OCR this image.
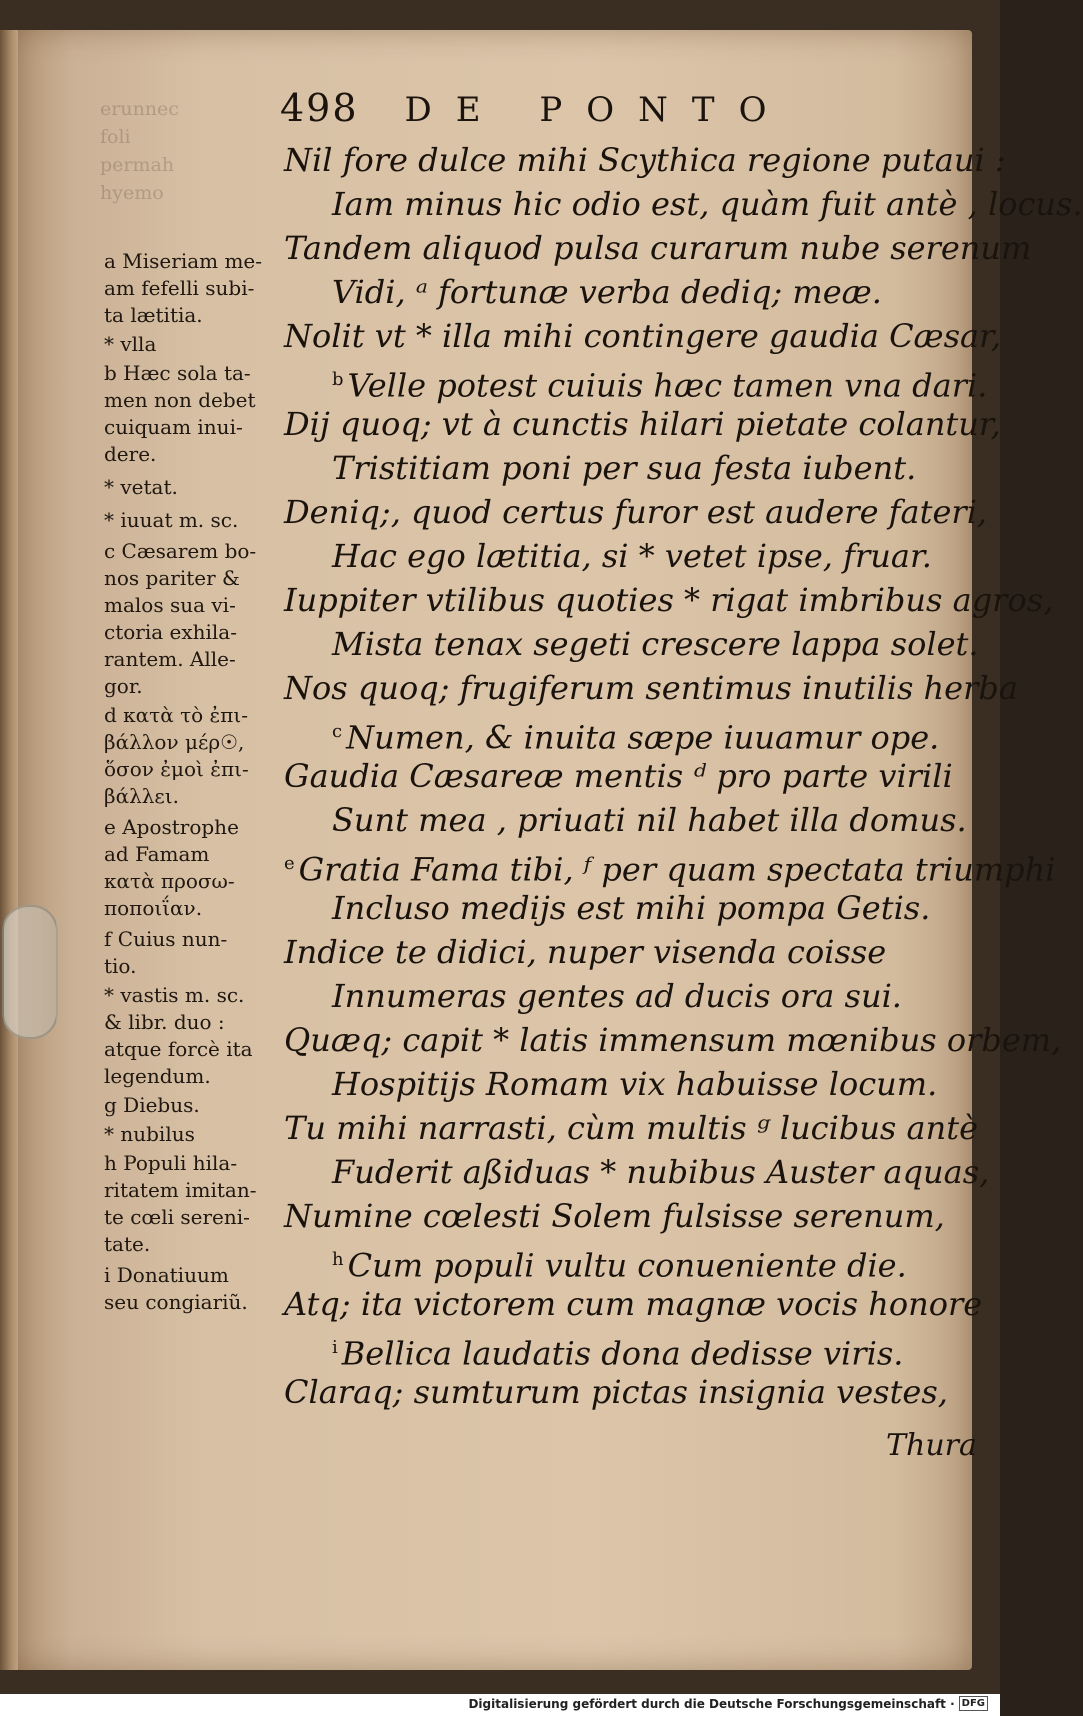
erunnec
foli
permah
hyemo
498 DE PONTO
Nil fore dulce mihi Scythica regione putaui :
Iam minus hic odio est, quàm fuit antè , locus.
Tandem aliquod pulsa curarum nube serenum
Vidi, ᵃ fortunæ verba dediq; meæ.
Nolit vt * illa mihi contingere gaudia Cæsar,
$^b$ Velle potest cuiuis hæc tamen vna dari.
Dij quoq; vt à cunctis hilari pietate colantur,
Tristitiam poni per sua festa iubent.
Deniq;, quod certus furor est audere fateri,
Hac ego lætitia, si * vetet ipse, fruar.
Iuppiter vtilibus quoties * rigat imbribus agros,
Mista tenax segeti crescere lappa solet.
Nos quoq; frugiferum sentimus inutilis herba
$^c$ Numen, & inuita sæpe iuuamur ope.
Gaudia Cæsareæ mentis ᵈ pro parte virili
Sunt mea , priuati nil habet illa domus.
$^e$ Gratia Fama tibi, ᶠ per quam spectata triumphi
Incluso medijs est mihi pompa Getis.
Indice te didici, nuper visenda coisse
Innumeras gentes ad ducis ora sui.
Quæq; capit * latis immensum mœnibus orbem,
Hospitijs Romam vix habuisse locum.
Tu mihi narrasti, cùm multis ᵍ lucibus antè
Fuderit aßiduas * nubibus Auster aquas,
Numine cœlesti Solem fulsisse serenum,
$^h$ Cum populi vultu conueniente die.
Atq; ita victorem cum magnæ vocis honore
$^i$ Bellica laudatis dona dedisse viris.
Claraq; sumturum pictas insignia vestes,
a Miseriam me-
am fefelli subi-
ta lætitia.
* vlla
b Hæc sola ta-
men non debet
cuiquam inui-
dere.
* vetat.
* iuuat m. sc.
c Cæsarem bo-
nos pariter &
malos sua vi-
ctoria exhila-
rantem. Alle-
gor.
d κατὰ τὸ ἐπι-
βάλλον μέρ☉,
ὅσον ἐμοὶ ἐπι-
βάλλει.
e Apostrophe
ad Famam
κατὰ προσω-
ποποιΐαν.
f Cuius nun-
tio.
* vastis m. sc.
& libr. duo :
atque forcè ita
legendum.
g Diebus.
* nubilus
h Populi hila-
ritatem imitan-
te cœli sereni-
tate.
i Donatiuum
seu congiariũ.
Thura
Digitalisierung gefördert durch die Deutsche Forschungsgemeinschaft · DFG
